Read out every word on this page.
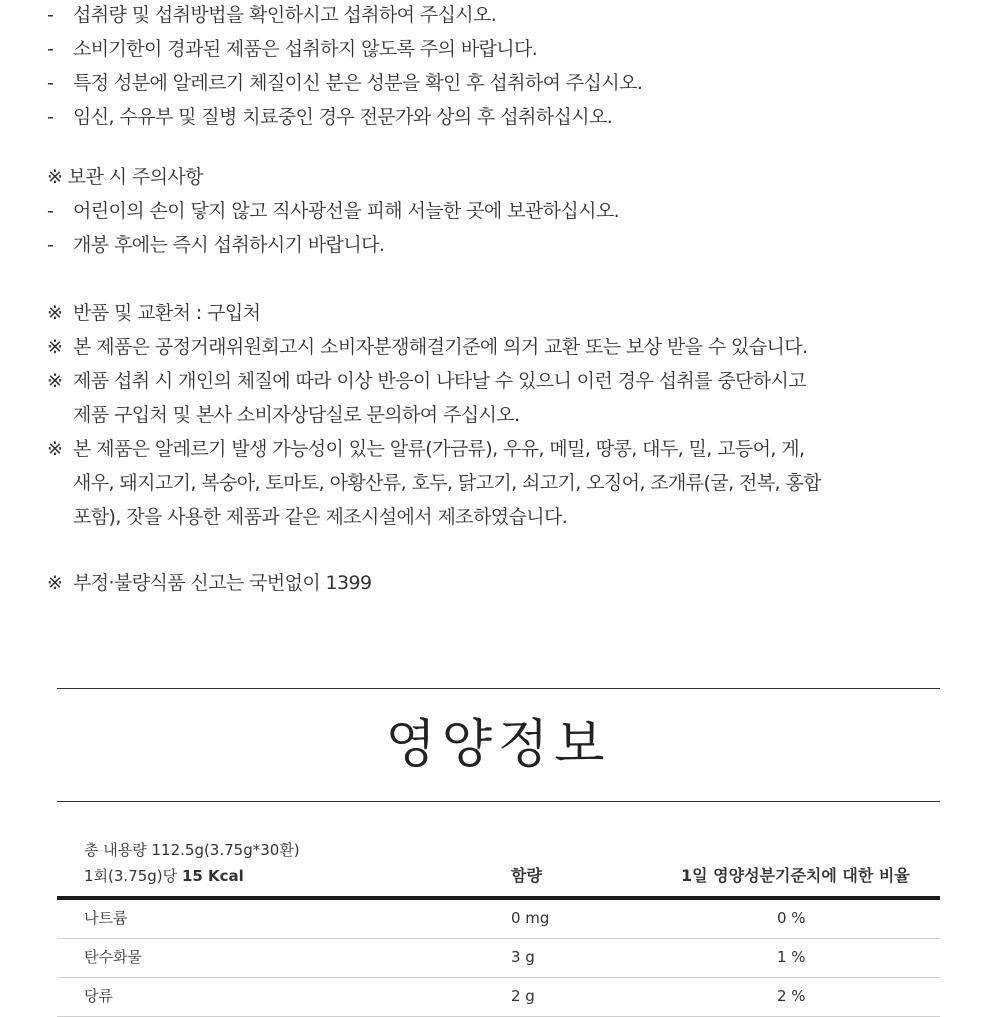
- 섭취량 및 섭취방법을 확인하시고 섭취하여 주십시오.
- 소비기한이 경과된 제품은 섭취하지 않도록 주의 바랍니다.
- 특정 성분에 알레르기 체질이신 분은 성분을 확인 후 섭취하여 주십시오.
- 임신, 수유부 및 질병 치료중인 경우 전문가와 상의 후 섭취하십시오.
※ 보관 시 주의사항
- 어린이의 손이 닿지 않고 직사광선을 피해 서늘한 곳에 보관하십시오.
- 개봉 후에는 즉시 섭취하시기 바랍니다.
※ 반품 및 교환처 : 구입처
※ 본 제품은 공정거래위원회고시 소비자분쟁해결기준에 의거 교환 또는 보상 받을 수 있습니다.
※ 제품 섭취 시 개인의 체질에 따라 이상 반응이 나타날 수 있으니 이런 경우 섭취를 중단하시고
제품 구입처 및 본사 소비자상담실로 문의하여 주십시오.
※ 본 제품은 알레르기 발생 가능성이 있는 알류(가금류), 우유, 메밀, 땅콩, 대두, 밀, 고등어, 게,
새우, 돼지고기, 복숭아, 토마토, 아황산류, 호두, 닭고기, 쇠고기, 오징어, 조개류(굴, 전복, 홍합
포함), 잣을 사용한 제품과 같은 제조시설에서 제조하였습니다.
※ 부정·불량식품 신고는 국번없이 1399
영양정보
총 내용량 112.5g(3.75g*30환)
1회(3.75g)당 15 Kcal	함량	1일 영양성분기준치에 대한 비율
나트륨	0 mg	0 %
탄수화물	3 g	1 %
당류	2 g	2 %
